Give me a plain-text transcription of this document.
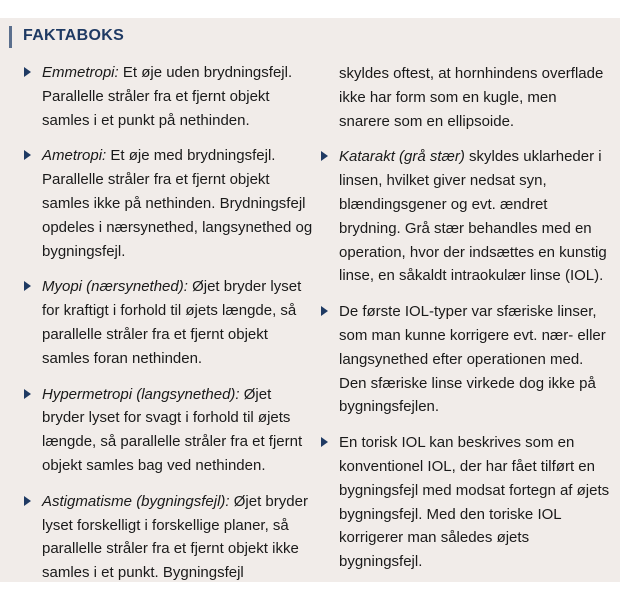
FAKTABOKS
Emmetropi: Et øje uden brydningsfejl. Parallelle stråler fra et fjernt objekt samles i et punkt på nethinden.
Ametropi: Et øje med brydningsfejl. Parallelle stråler fra et fjernt objekt samles ikke på nethinden. Brydningsfejl opdeles i nærsynethed, langsynethed og bygningsfejl.
Myopi (nærsynethed): Øjet bryder lyset for kraftigt i forhold til øjets længde, så parallelle stråler fra et fjernt objekt samles foran nethinden.
Hypermetropi (langsynethed): Øjet bryder lyset for svagt i forhold til øjets længde, så parallelle stråler fra et fjernt objekt samles bag ved nethinden.
Astigmatisme (bygningsfejl): Øjet bryder lyset forskelligt i forskellige planer, så parallelle stråler fra et fjernt objekt ikke samles i et punkt. Bygningsfejl
skyldes oftest, at hornhindens overflade ikke har form som en kugle, men snarere som en ellipsoide.
Katarakt (grå stær) skyldes uklarheder i linsen, hvilket giver nedsat syn, blændingsgener og evt. ændret brydning. Grå stær behandles med en operation, hvor der indsættes en kunstig linse, en såkaldt intraokulær linse (IOL).
De første IOL-typer var sfæriske linser, som man kunne korrigere evt. nær- eller langsynethed efter operationen med. Den sfæriske linse virkede dog ikke på bygningsfejlen.
En torisk IOL kan beskrives som en konventionel IOL, der har fået tilført en bygningsfejl med modsat fortegn af øjets bygningsfejl. Med den toriske IOL korrigerer man således øjets bygningsfejl.
